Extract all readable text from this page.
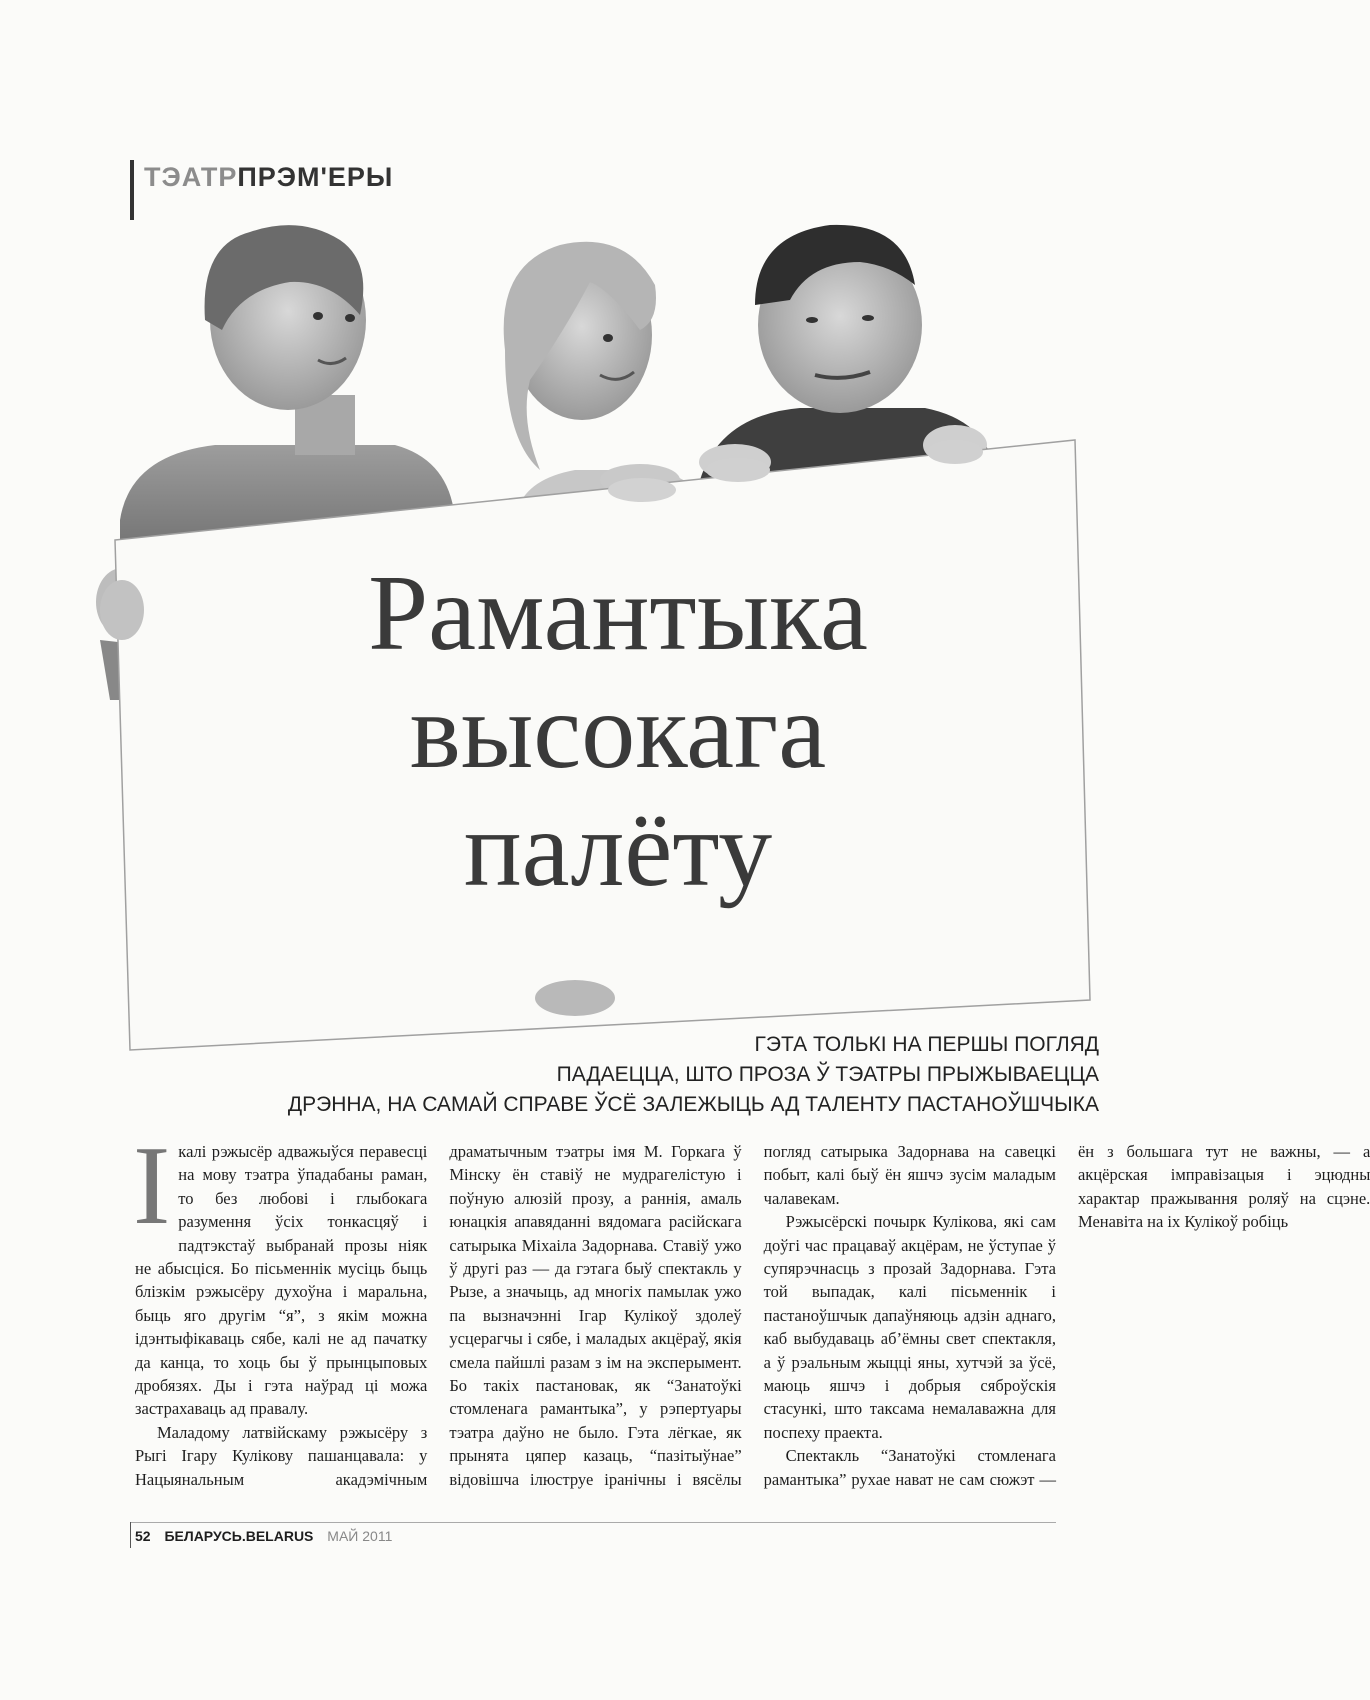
ТЭАТРПРЭМ'ЕРЫ
Рамантыка
высокага
палёту
ГЭТА ТОЛЬКІ НА ПЕРШЫ ПОГЛЯД
ПАДАЕЦЦА, ШТО ПРОЗА Ў ТЭАТРЫ ПРЫЖЫВАЕЦЦА
ДРЭННА, НА САМАЙ СПРАВЕ ЎСЁ ЗАЛЕЖЫЦЬ АД ТАЛЕНТУ ПАСТАНОЎШЧЫКА

Ікалі рэжысёр адважыўся перавесці на мову тэатра ўпадабаны раман, то без любові і глыбокага разумення ўсіх тонкасцяў і падтэкстаў выбранай прозы ніяк не абысціся. Бо пісьменнік мусіць быць блізкім рэжысёру духоўна і маральна, быць яго другім “я”, з якім можна ідэнтыфікаваць сябе, калі не ад пачатку да канца, то хоць бы ў прынцыповых дробязях. Ды і гэта наўрад ці можа застрахаваць ад правалу.

Маладому латвійскаму рэжысёру з Рыгі Ігару Кулікову пашанцавала: у Нацыянальным акадэмічным драматычным тэатры імя М. Горкага ў Мінску ён ставіў не мудрагелістую і поўную алюзій прозу, а раннія, амаль юнацкія апавяданні вядомага расійскага сатырыка Міхаіла Задорнава. Ставіў ужо ў другі раз — да гэтага быў спектакль у Рызе, а значыць, ад многіх памылак ужо па вызначэнні Ігар Кулікоў здолеў усцерагчы і сябе, і маладых акцёраў, якія смела пайшлі разам з ім на эксперымент. Бо такіх пастановак, як “Занатоўкі стомленага рамантыка”, у рэпертуары тэатра даўно не было. Гэта лёгкае, як прынята цяпер казаць, “пазітыўнае” відовішча ілюструе іранічны і вясёлы погляд сатырыка Задорнава на савецкі побыт, калі быў ён яшчэ зусім маладым чалавекам.

Рэжысёрскі почырк Кулікова, які сам доўгі час працаваў акцёрам, не ўступае ў супярэчнасць з прозай Задорнава. Гэта той выпадак, калі пісьменнік і пастаноўшчык дапаўняюць адзін аднаго, каб выбудаваць аб’ёмны свет спектакля, а ў рэальным жыцці яны, хутчэй за ўсё, маюць яшчэ і добрыя сяброўскія стасункі, што таксама немалаважна для поспеху праекта.

Спектакль “Занатоўкі стомленага рамантыка” рухае нават не сам сюжэт — ён з большага тут не важны, — а акцёрская імправізацыя і эцюдны характар пражывання роляў на сцэне. Менавіта на іх Кулікоў робіць

52 БЕЛАРУСЬ.BELARUS МАЙ 2011
